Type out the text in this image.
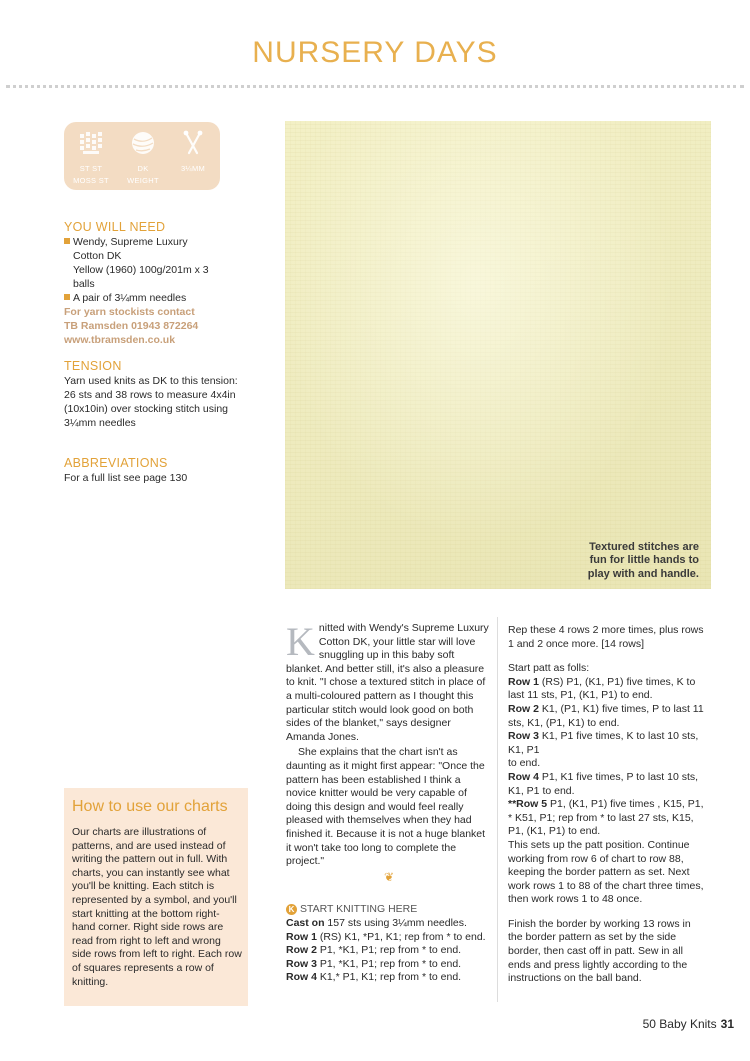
NURSERY DAYS
ST ST
MOSS ST
DK
WEIGHT
3¼MM
Textured stitches are fun for little hands to play with and handle.
YOU WILL NEED
Wendy, Supreme Luxury
Cotton DK
Yellow (1960) 100g/201m x 3
balls
A pair of 3¼mm needles
For yarn stockists contact
TB Ramsden 01943 872264
www.tbramsden.co.uk
TENSION
Yarn used knits as DK to this tension: 26 sts and 38 rows to measure 4x4in (10x10in) over stocking stitch using 3¼mm needles
ABBREVIATIONS
For a full list see page 130
How to use our charts
Our charts are illustrations of patterns, and are used instead of writing the pattern out in full. With charts, you can instantly see what you'll be knitting. Each stitch is represented by a symbol, and you'll start knitting at the bottom right-hand corner. Right side rows are read from right to left and wrong side rows from left to right. Each row of squares represents a row of knitting.

Knitted with Wendy's Supreme Luxury Cotton DK, your little star will love snuggling up in this baby soft blanket. And better still, it's also a pleasure to knit. "I chose a textured stitch in place of a multi-coloured pattern as I thought this particular stitch would look good on both sides of the blanket," says designer Amanda Jones.

She explains that the chart isn't as daunting as it might first appear: "Once the pattern has been established I think a novice knitter would be very capable of doing this design and would feel really pleased with themselves when they had finished it. Because it is not a huge blanket it won't take too long to complete the project."

❦
K START KNITTING HERE

Cast on 157 sts using 3¼mm needles.

Row 1 (RS) K1, *P1, K1; rep from * to end.

Row 2 P1, *K1, P1; rep from * to end.

Row 3 P1, *K1, P1; rep from * to end.

Row 4 K1,* P1, K1; rep from * to end.

Rep these 4 rows 2 more times, plus rows 1 and 2 once more. [14 rows]

Start patt as folls:

Row 1 (RS) P1, (K1, P1) five times, K to last 11 sts, P1, (K1, P1) to end.

Row 2 K1, (P1, K1) five times, P to last 11 sts, K1, (P1, K1) to end.

Row 3 K1, P1 five times, K to last 10 sts, K1, P1

to end.

Row 4 P1, K1 five times, P to last 10 sts, K1, P1 to end.

**Row 5 P1, (K1, P1) five times , K15, P1, * K51, P1; rep from * to last 27 sts, K15, P1, (K1, P1) to end.

This sets up the patt position. Continue working from row 6 of chart to row 88, keeping the border pattern as set. Next work rows 1 to 88 of the chart three times, then work rows 1 to 48 once.

Finish the border by working 13 rows in the border pattern as set by the side border, then cast off in patt. Sew in all ends and press lightly according to the instructions on the ball band.

50 Baby Knits 31
